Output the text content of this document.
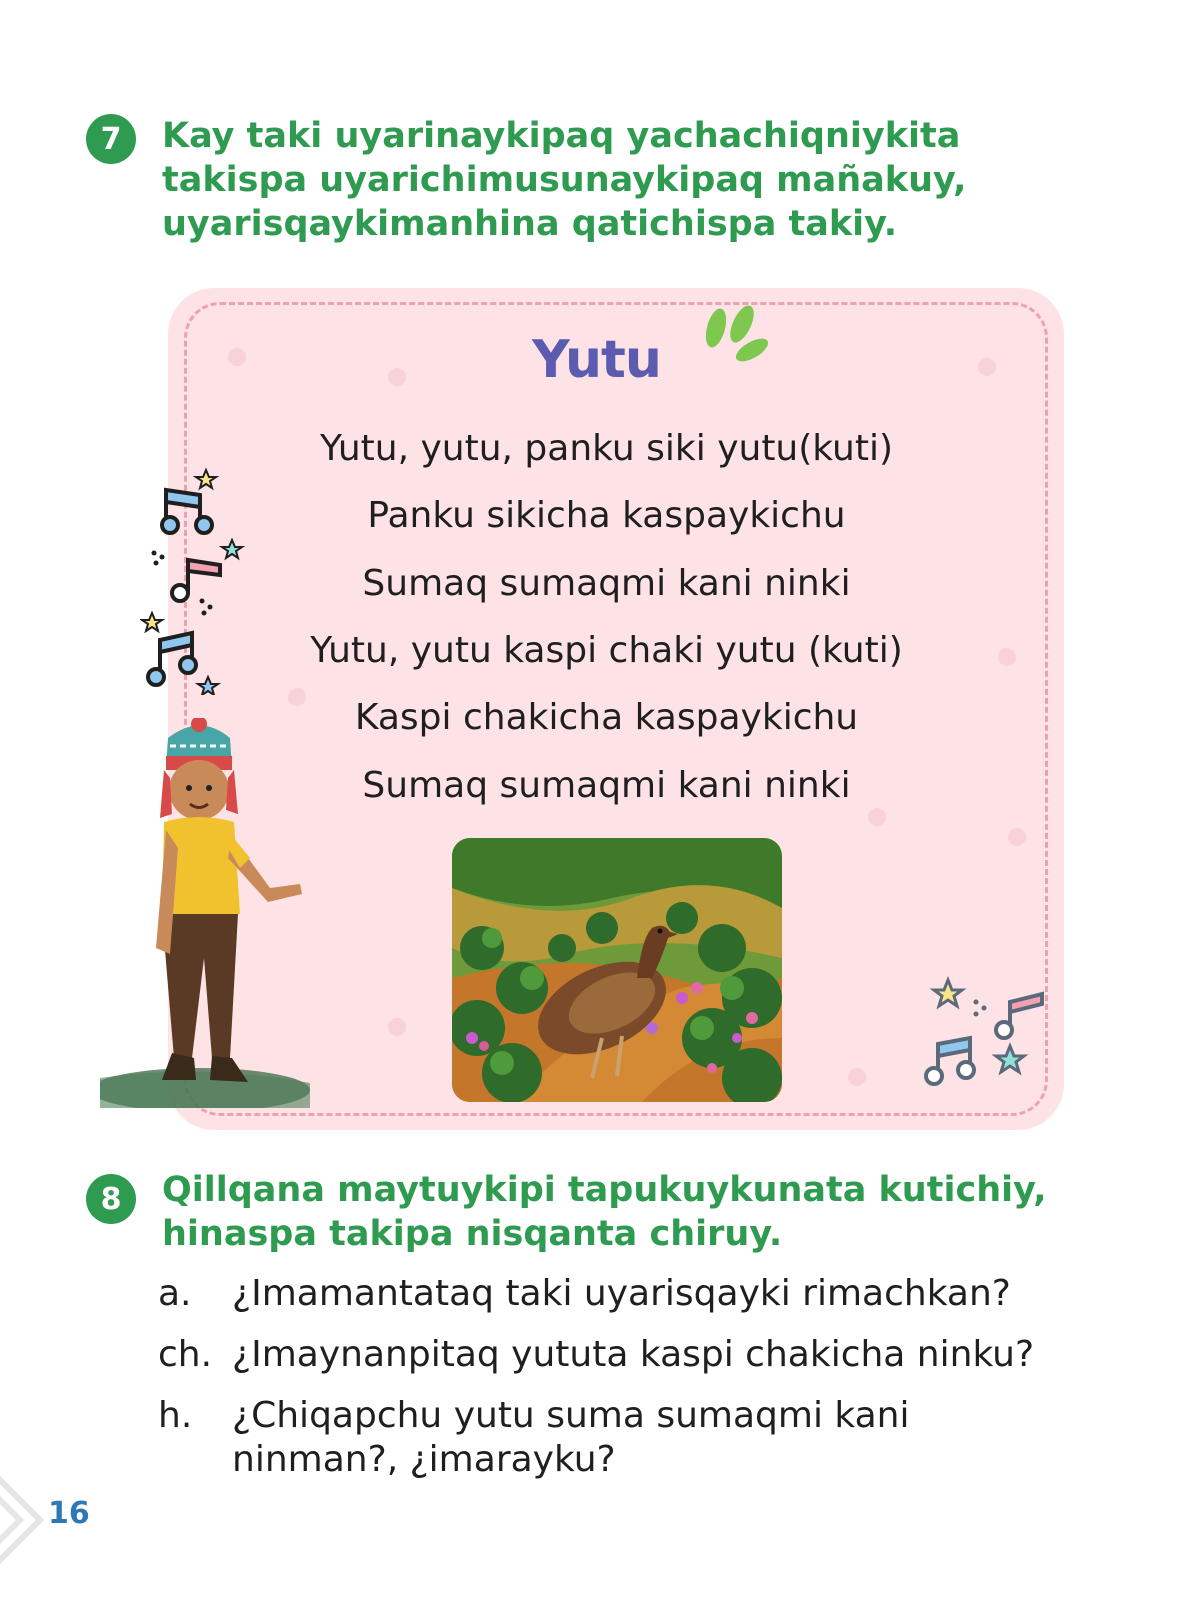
7	Kay taki uyarinaykipaq yachachiqniykita
takispa uyarichimusunaykipaq mañakuy,
uyarisqaykimanhina qatichispa takiy.
Yutu
Yutu, yutu, panku siki yutu(kuti)
Panku sikicha kaspaykichu
Sumaq sumaqmi kani ninki
Yutu, yutu kaspi chaki yutu (kuti)
Kaspi chakicha kaspaykichu
Sumaq sumaqmi kani ninki
8	Qillqana maytuykipi tapukuykunata kutichiy,
hinaspa takipa nisqanta chiruy.
a. ¿Imamantataq taki uyarisqayki rimachkan?
ch. ¿Imaynanpitaq yututa kaspi chakicha ninku?
h. ¿Chiqapchu yutu suma sumaqmi kani ninman?, ¿imarayku?
16
